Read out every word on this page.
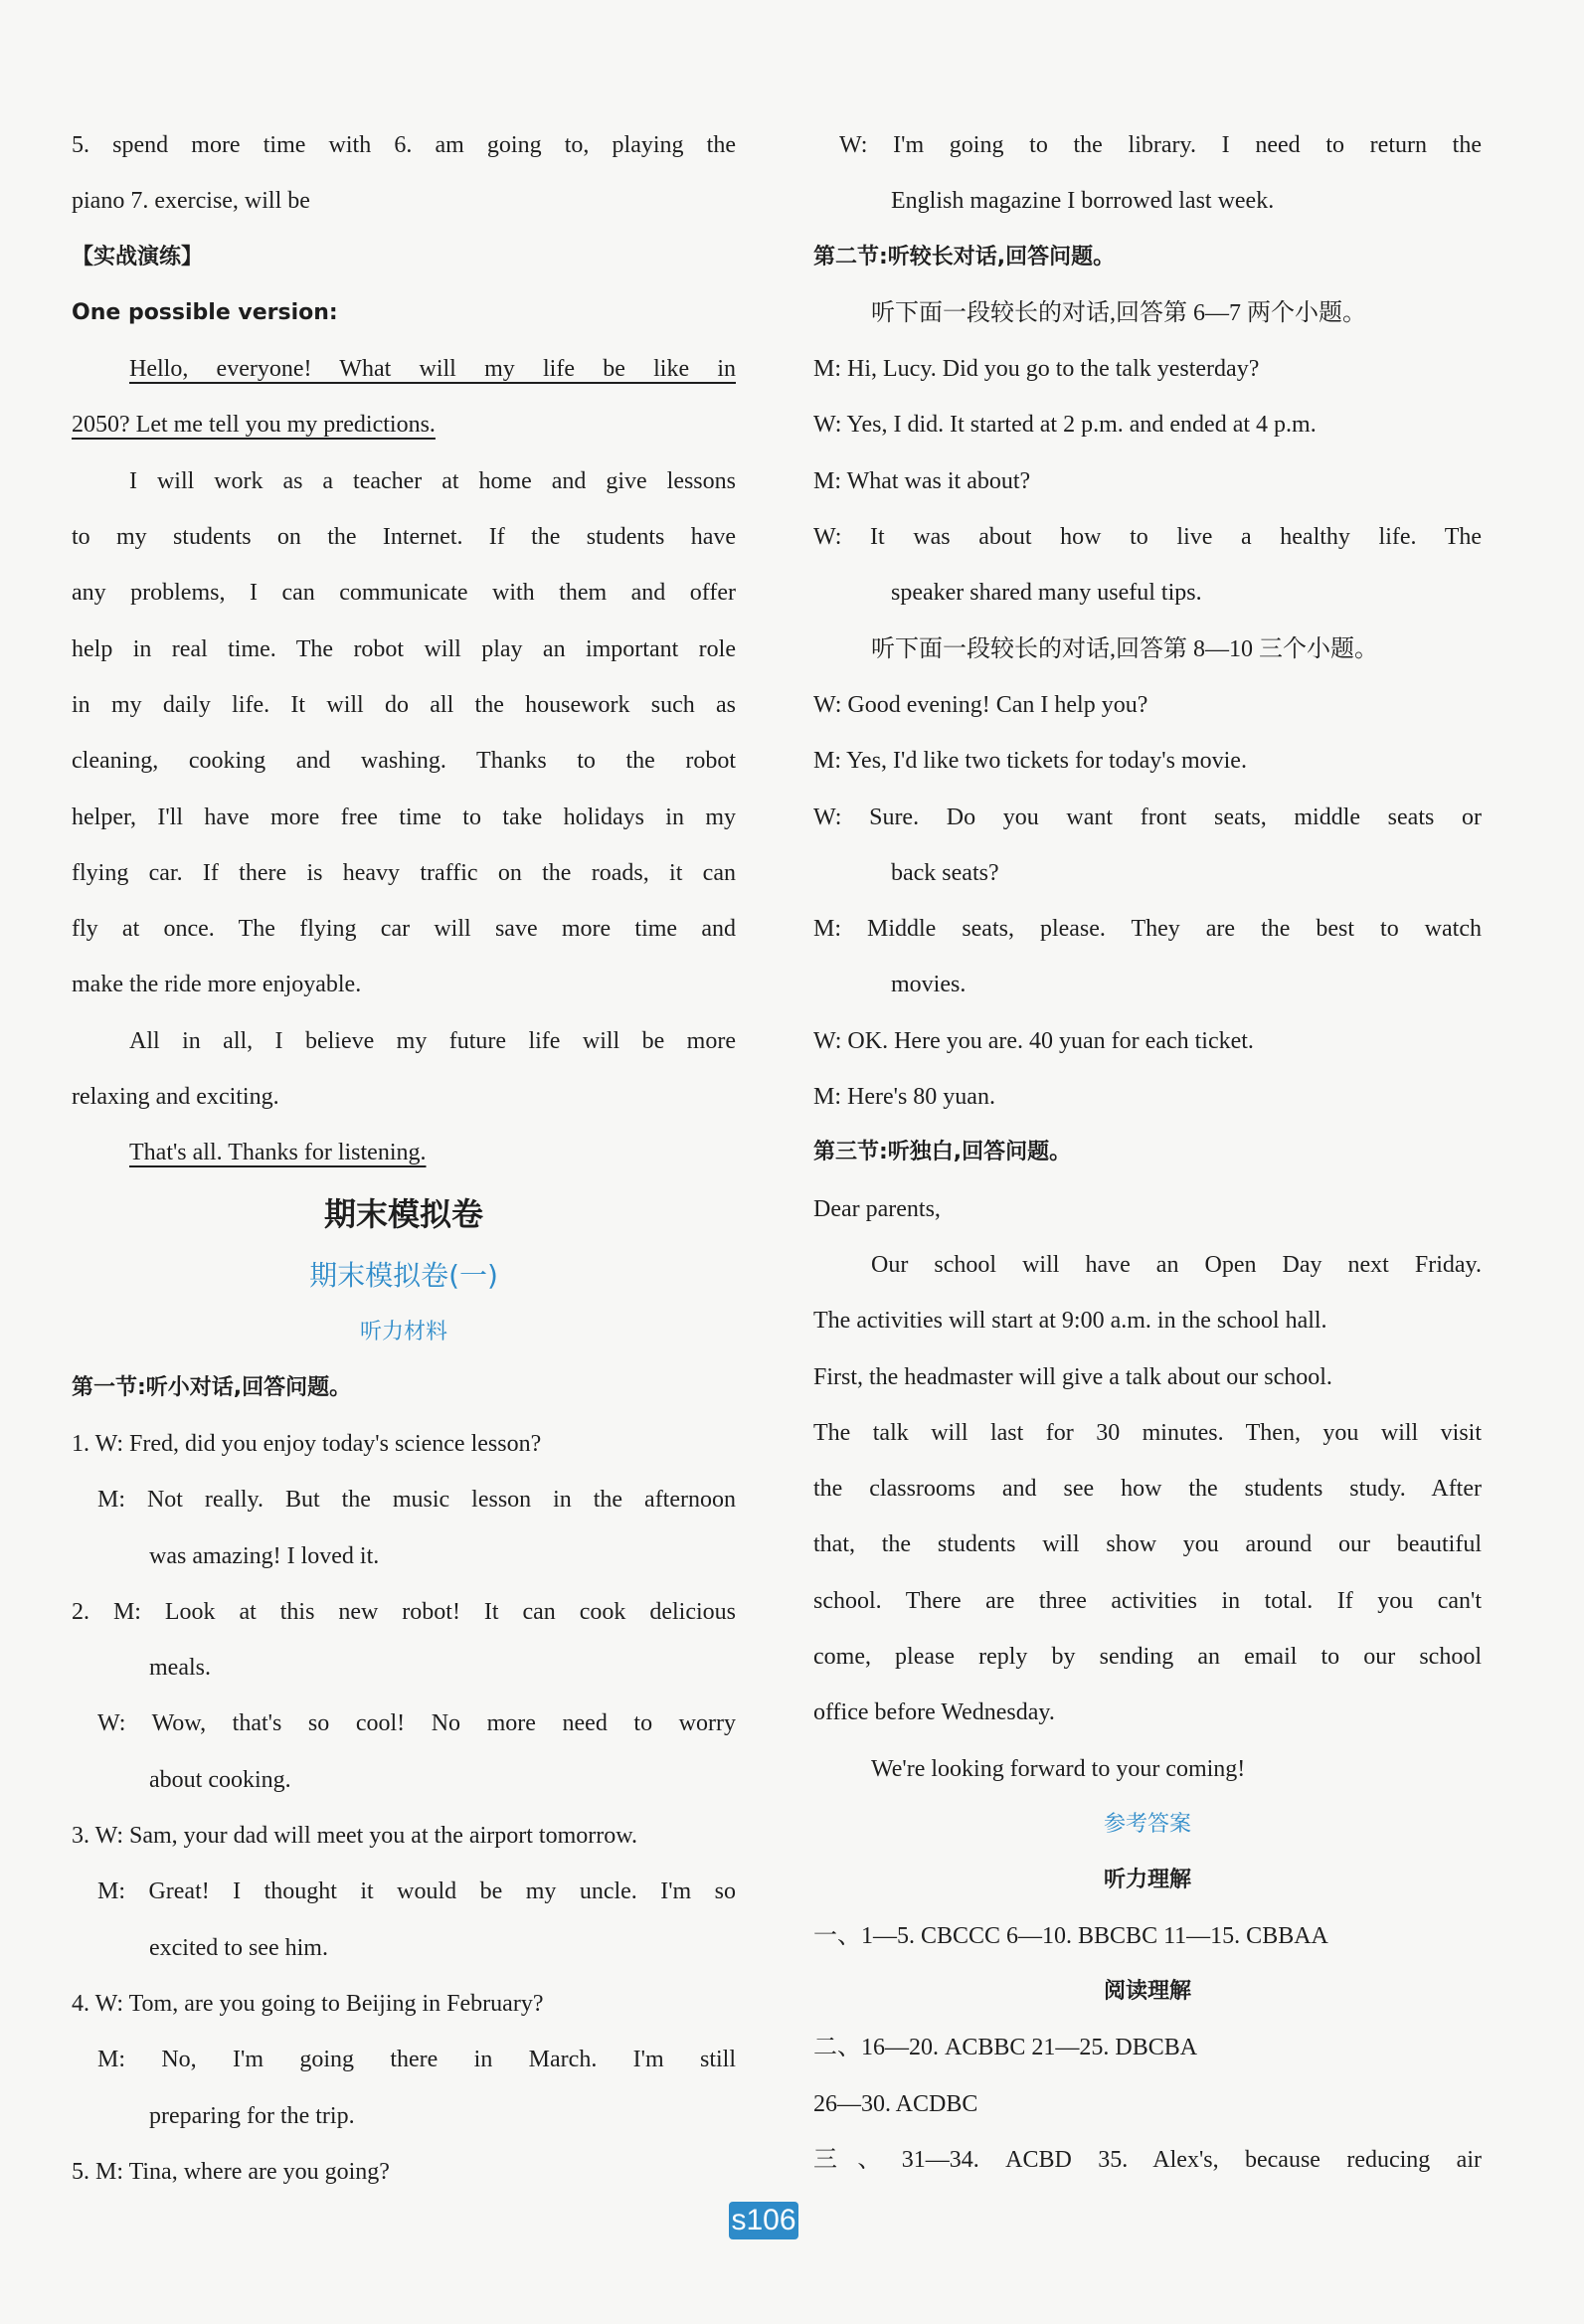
5. spend more time with 6. am going to, playing the
piano 7. exercise, will be
【实战演练】
One possible version:
Hello, everyone! What will my life be like in
2050? Let me tell you my predictions.
I will work as a teacher at home and give lessons
to my students on the Internet. If the students have
any problems, I can communicate with them and offer
help in real time. The robot will play an important role
in my daily life. It will do all the housework such as
cleaning, cooking and washing. Thanks to the robot
helper, I'll have more free time to take holidays in my
flying car. If there is heavy traffic on the roads, it can
fly at once. The flying car will save more time and
make the ride more enjoyable.
All in all, I believe my future life will be more
relaxing and exciting.
That's all. Thanks for listening.
期末模拟卷
期末模拟卷(一)
听力材料
第一节:听小对话,回答问题。
1. W: Fred, did you enjoy today's science lesson?
M: Not really. But the music lesson in the afternoon
was amazing! I loved it.
2. M: Look at this new robot! It can cook delicious
meals.
W: Wow, that's so cool! No more need to worry
about cooking.
3. W: Sam, your dad will meet you at the airport tomorrow.
M: Great! I thought it would be my uncle. I'm so
excited to see him.
4. W: Tom, are you going to Beijing in February?
M: No, I'm going there in March. I'm still
preparing for the trip.
5. M: Tina, where are you going?
W: I'm going to the library. I need to return the
English magazine I borrowed last week.
第二节:听较长对话,回答问题。
听下面一段较长的对话,回答第 6—7 两个小题。
M: Hi, Lucy. Did you go to the talk yesterday?
W: Yes, I did. It started at 2 p.m. and ended at 4 p.m.
M: What was it about?
W: It was about how to live a healthy life. The
speaker shared many useful tips.
听下面一段较长的对话,回答第 8—10 三个小题。
W: Good evening! Can I help you?
M: Yes, I'd like two tickets for today's movie.
W: Sure. Do you want front seats, middle seats or
back seats?
M: Middle seats, please. They are the best to watch
movies.
W: OK. Here you are. 40 yuan for each ticket.
M: Here's 80 yuan.
第三节:听独白,回答问题。
Dear parents,
Our school will have an Open Day next Friday.
The activities will start at 9:00 a.m. in the school hall.
First, the headmaster will give a talk about our school.
The talk will last for 30 minutes. Then, you will visit
the classrooms and see how the students study. After
that, the students will show you around our beautiful
school. There are three activities in total. If you can't
come, please reply by sending an email to our school
office before Wednesday.
We're looking forward to your coming!
参考答案
听力理解
一、1—5. CBCCC 6—10. BBCBC 11—15. CBBAA
阅读理解
二、16—20. ACBBC 21—25. DBCBA
26—30. ACDBC
三、31—34. ACBD 35. Alex's, because reducing air
s106
